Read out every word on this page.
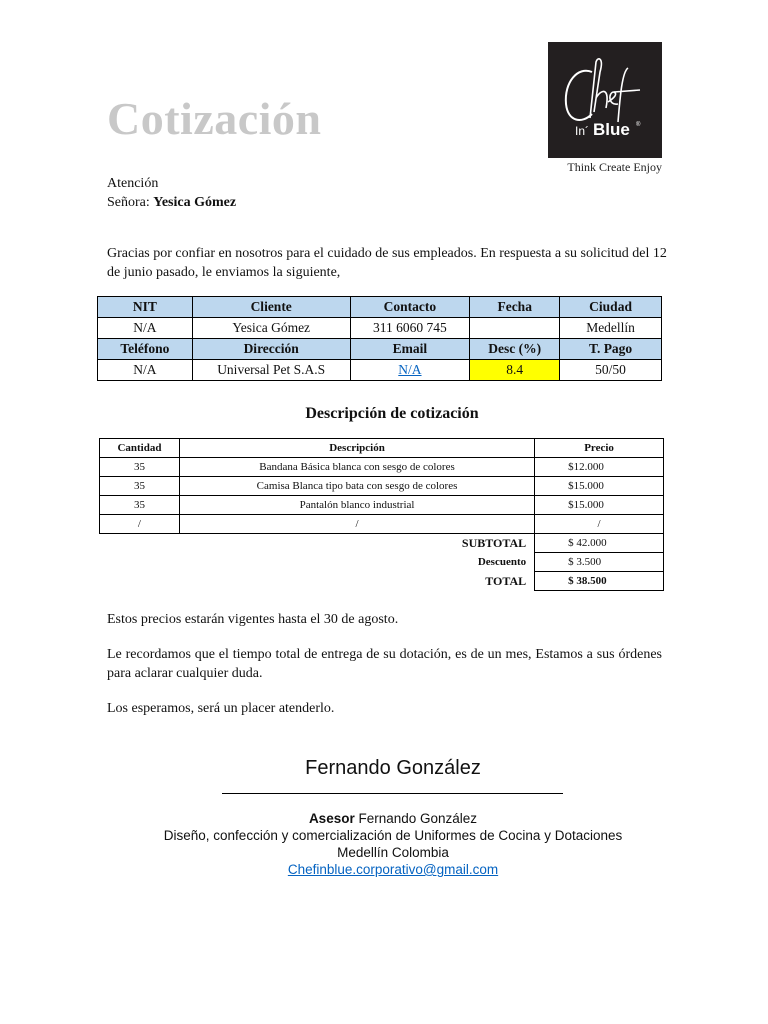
Cotización	In´ Blue ®
Think Create Enjoy
Atención
Señora: Yesica Gómez
Gracias por confiar en nosotros para el cuidado de sus empleados. En respuesta a su solicitud del 12 de junio pasado, le enviamos la siguiente,
NIT	Cliente	Contacto	Fecha	Ciudad
N/A	Yesica Gómez	311 6060 745		Medellín
Teléfono	Dirección	Email	Desc (%)	T. Pago
N/A	Universal Pet S.A.S	N/A	8.4	50/50
Descripción de cotización
Cantidad	Descripción	Precio
35	Bandana Básica blanca con sesgo de colores	$12.000
35	Camisa Blanca tipo bata con sesgo de colores	$15.000
35	Pantalón blanco industrial	$15.000
/	/	/
SUBTOTAL		$ 42.000
Descuento		$ 3.500
TOTAL		$ 38.500
Estos precios estarán vigentes hasta el 30 de agosto.
Le recordamos que el tiempo total de entrega de su dotación, es de un mes, Estamos a sus órdenes para aclarar cualquier duda.
Los esperamos, será un placer atenderlo.
Fernando González
Asesor Fernando González
Diseño, confección y comercialización de Uniformes de Cocina y Dotaciones
Medellín Colombia
Chefinblue.corporativo@gmail.com
